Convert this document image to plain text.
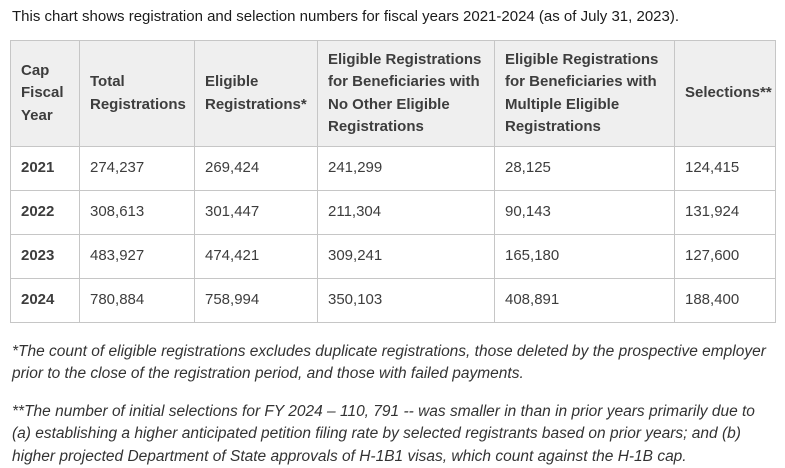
This chart shows registration and selection numbers for fiscal years 2021-2024 (as of July 31, 2023).

Cap Fiscal Year	Total Registrations	Eligible Registrations*	Eligible Registrations for Beneficiaries with No Other Eligible Registrations	Eligible Registrations for Beneficiaries with Multiple Eligible Registrations	Selections**
2021	274,237	269,424	241,299	28,125	124,415
2022	308,613	301,447	211,304	90,143	131,924
2023	483,927	474,421	309,241	165,180	127,600
2024	780,884	758,994	350,103	408,891	188,400

*The count of eligible registrations excludes duplicate registrations, those deleted by the prospective employer prior to the close of the registration period, and those with failed payments.

**The number of initial selections for FY 2024 – 110, 791 -- was smaller in than in prior years primarily due to (a) establishing a higher anticipated petition filing rate by selected registrants based on prior years; and (b) higher projected Department of State approvals of H-1B1 visas, which count against the H-1B cap.
